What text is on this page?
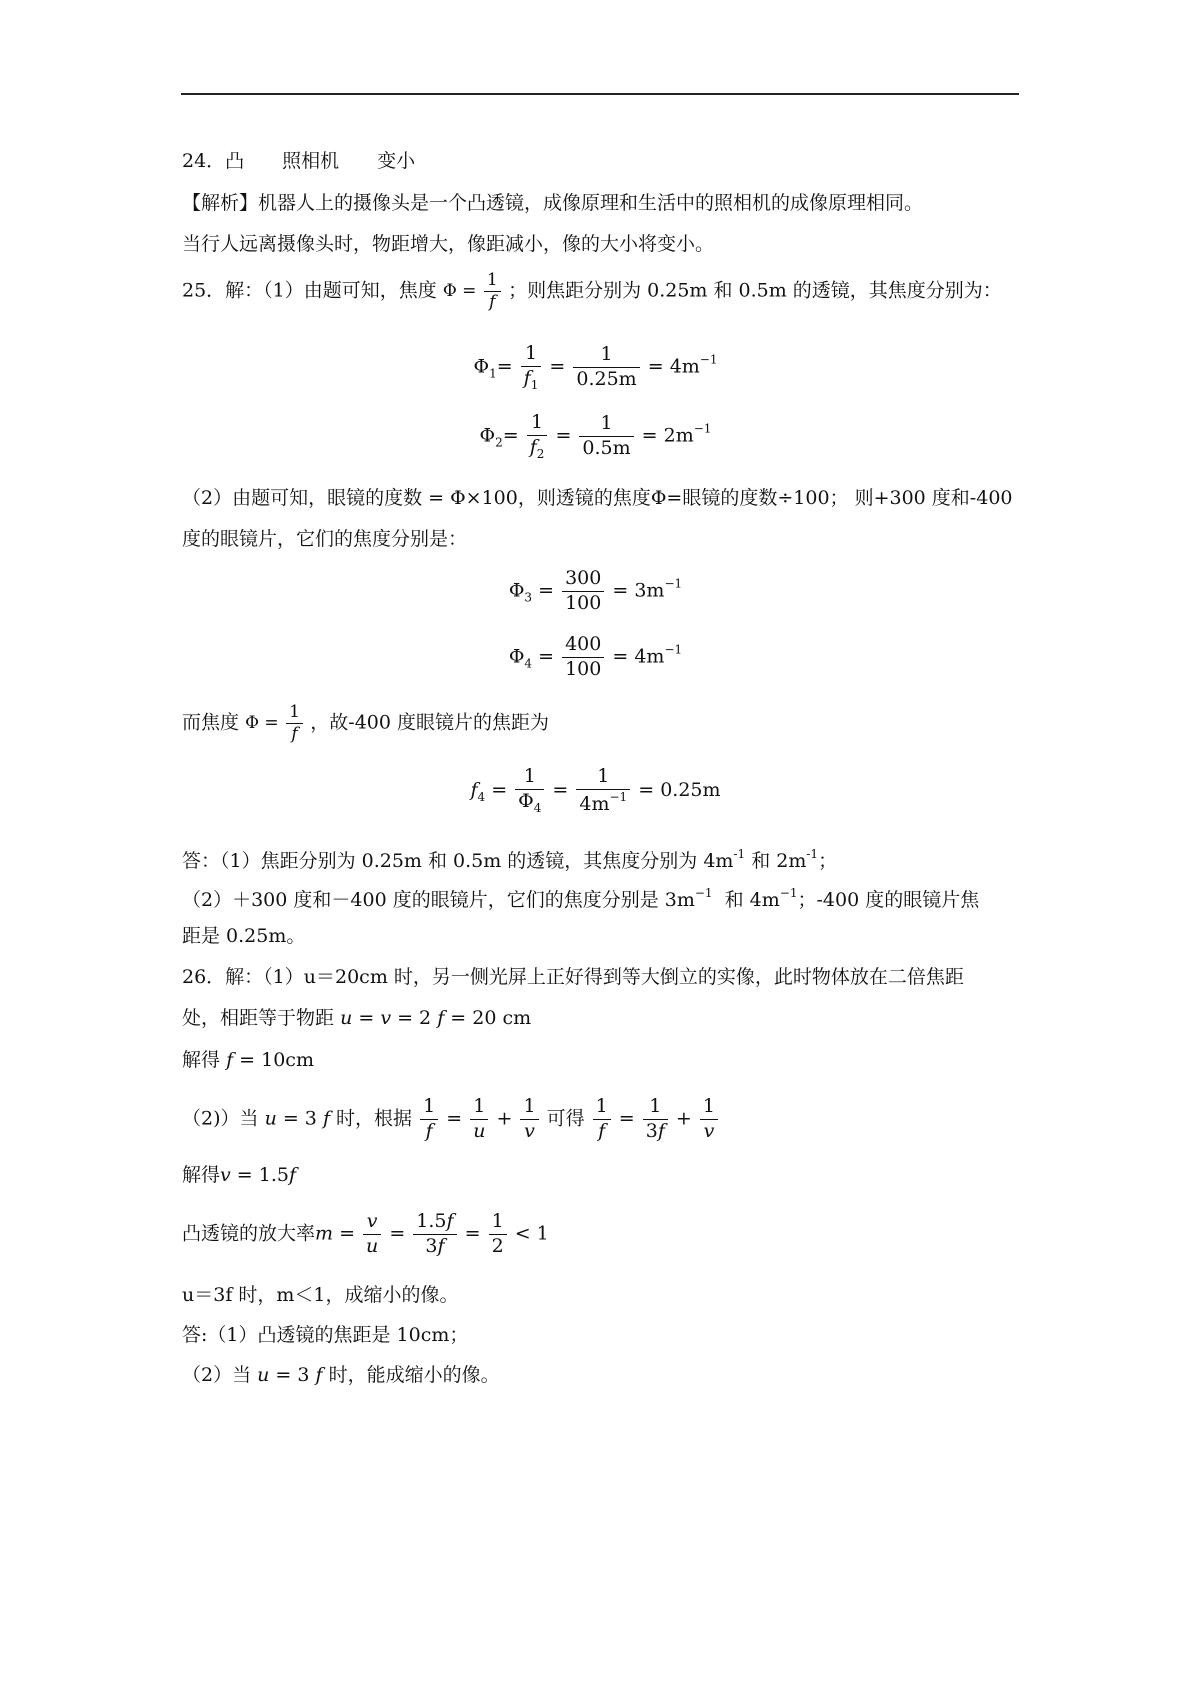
24．凸　　照相机　　变小
【解析】机器人上的摄像头是一个凸透镜，成像原理和生活中的照相机的成像原理相同。
当行人远离摄像头时，物距增大，像距减小，像的大小将变小。
25．解：（1）由题可知，焦度 $\Phi = \frac{1}{f}$ ；则焦距分别为 0.25m 和 0.5m 的透镜，其焦度分别为：
$\Phi_1= \frac{1}{f_1} = \frac{1}{0.25m} = 4m^{-1}$
$\Phi_2= \frac{1}{f_2} = \frac{1}{0.5m} = 2m^{-1}$
（2）由题可知，眼镜的度数 = Φ×100，则透镜的焦度Φ=眼镜的度数÷100； 则+300 度和-400
度的眼镜片，它们的焦度分别是：
$\Phi_3 = \frac{300}{100} = 3m^{-1}$
$\Phi_4 = \frac{400}{100} = 4m^{-1}$
而焦度 $\Phi = \frac{1}{f}$ ，故-400 度眼镜片的焦距为
$f_4 = \frac{1}{\Phi_4} = \frac{1}{4m^{-1}} = 0.25m$
答：（1）焦距分别为 0.25m 和 0.5m 的透镜，其焦度分别为 $4m^{-1}$ 和 $2m^{-1}$；
（2）＋300 度和－400 度的眼镜片，它们的焦度分别是 $3m^{-1}$ 和 $4m^{-1}$；-400 度的眼镜片焦
距是 0.25m。
26．解：（1）u＝20cm 时，另一侧光屏上正好得到等大倒立的实像，此时物体放在二倍焦距
处，相距等于物距 u = v = 2 f = 20 cm
解得 f = 10cm
（2)）当 u = 3 f 时，根据 $\frac{1}{f} = \frac{1}{u} + \frac{1}{v}$ 可得 $\frac{1}{f} = \frac{1}{3f} + \frac{1}{v}$
解得v = 1.5f
凸透镜的放大率$m = \frac{v}{u} = \frac{1.5f}{3f} = \frac{1}{2} < 1$
u＝3f 时，m＜1，成缩小的像。
答:（1）凸透镜的焦距是 10cm；
（2）当 u = 3 f 时，能成缩小的像。
